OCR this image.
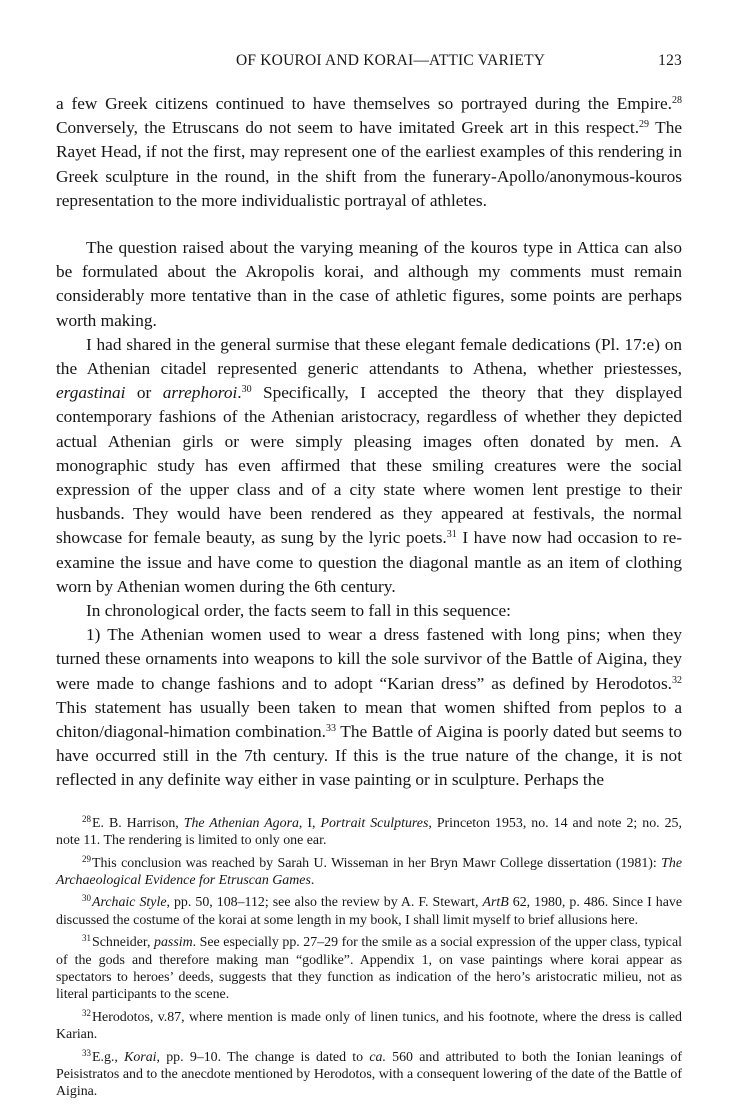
OF KOUROI AND KORAI—ATTIC VARIETY	123

a few Greek citizens continued to have themselves so portrayed during the Empire.$^{28}$ Conversely, the Etruscans do not seem to have imitated Greek art in this respect.$^{29}$ The Rayet Head, if not the first, may represent one of the earliest examples of this rendering in Greek sculpture in the round, in the shift from the funerary-Apollo/anonymous-kouros representation to the more individualistic portrayal of athletes.

The question raised about the varying meaning of the kouros type in Attica can also be formulated about the Akropolis korai, and although my comments must remain considerably more tentative than in the case of athletic figures, some points are perhaps worth making.

I had shared in the general surmise that these elegant female dedications (Pl. 17:e) on the Athenian citadel represented generic attendants to Athena, whether priestesses, ergastinai or arrephoroi.$^{30}$ Specifically, I accepted the theory that they displayed contemporary fashions of the Athenian aristocracy, regardless of whether they depicted actual Athenian girls or were simply pleasing images often donated by men. A monographic study has even affirmed that these smiling creatures were the social expression of the upper class and of a city state where women lent prestige to their husbands. They would have been rendered as they appeared at festivals, the normal showcase for female beauty, as sung by the lyric poets.$^{31}$ I have now had occasion to re-examine the issue and have come to question the diagonal mantle as an item of clothing worn by Athenian women during the 6th century.

In chronological order, the facts seem to fall in this sequence:

1) The Athenian women used to wear a dress fastened with long pins; when they turned these ornaments into weapons to kill the sole survivor of the Battle of Aigina, they were made to change fashions and to adopt “Karian dress” as defined by Herodotos.$^{32}$ This statement has usually been taken to mean that women shifted from peplos to a chiton/diagonal-himation combination.$^{33}$ The Battle of Aigina is poorly dated but seems to have occurred still in the 7th century. If this is the true nature of the change, it is not reflected in any definite way either in vase painting or in sculpture. Perhaps the

$^{28}$E. B. Harrison, The Athenian Agora, I, Portrait Sculptures, Princeton 1953, no. 14 and note 2; no. 25, note 11. The rendering is limited to only one ear.

$^{29}$This conclusion was reached by Sarah U. Wisseman in her Bryn Mawr College dissertation (1981): The Archaeological Evidence for Etruscan Games.

$^{30}$Archaic Style, pp. 50, 108–112; see also the review by A. F. Stewart, ArtB 62, 1980, p. 486. Since I have discussed the costume of the korai at some length in my book, I shall limit myself to brief allusions here.

$^{31}$Schneider, passim. See especially pp. 27–29 for the smile as a social expression of the upper class, typical of the gods and therefore making man “godlike”. Appendix 1, on vase paintings where korai appear as spectators to heroes’ deeds, suggests that they function as indication of the hero’s aristocratic milieu, not as literal participants to the scene.

$^{32}$Herodotos, v.87, where mention is made only of linen tunics, and his footnote, where the dress is called Karian.

$^{33}$E.g., Korai, pp. 9–10. The change is dated to ca. 560 and attributed to both the Ionian leanings of Peisistratos and to the anecdote mentioned by Herodotos, with a consequent lowering of the date of the Battle of Aigina.
